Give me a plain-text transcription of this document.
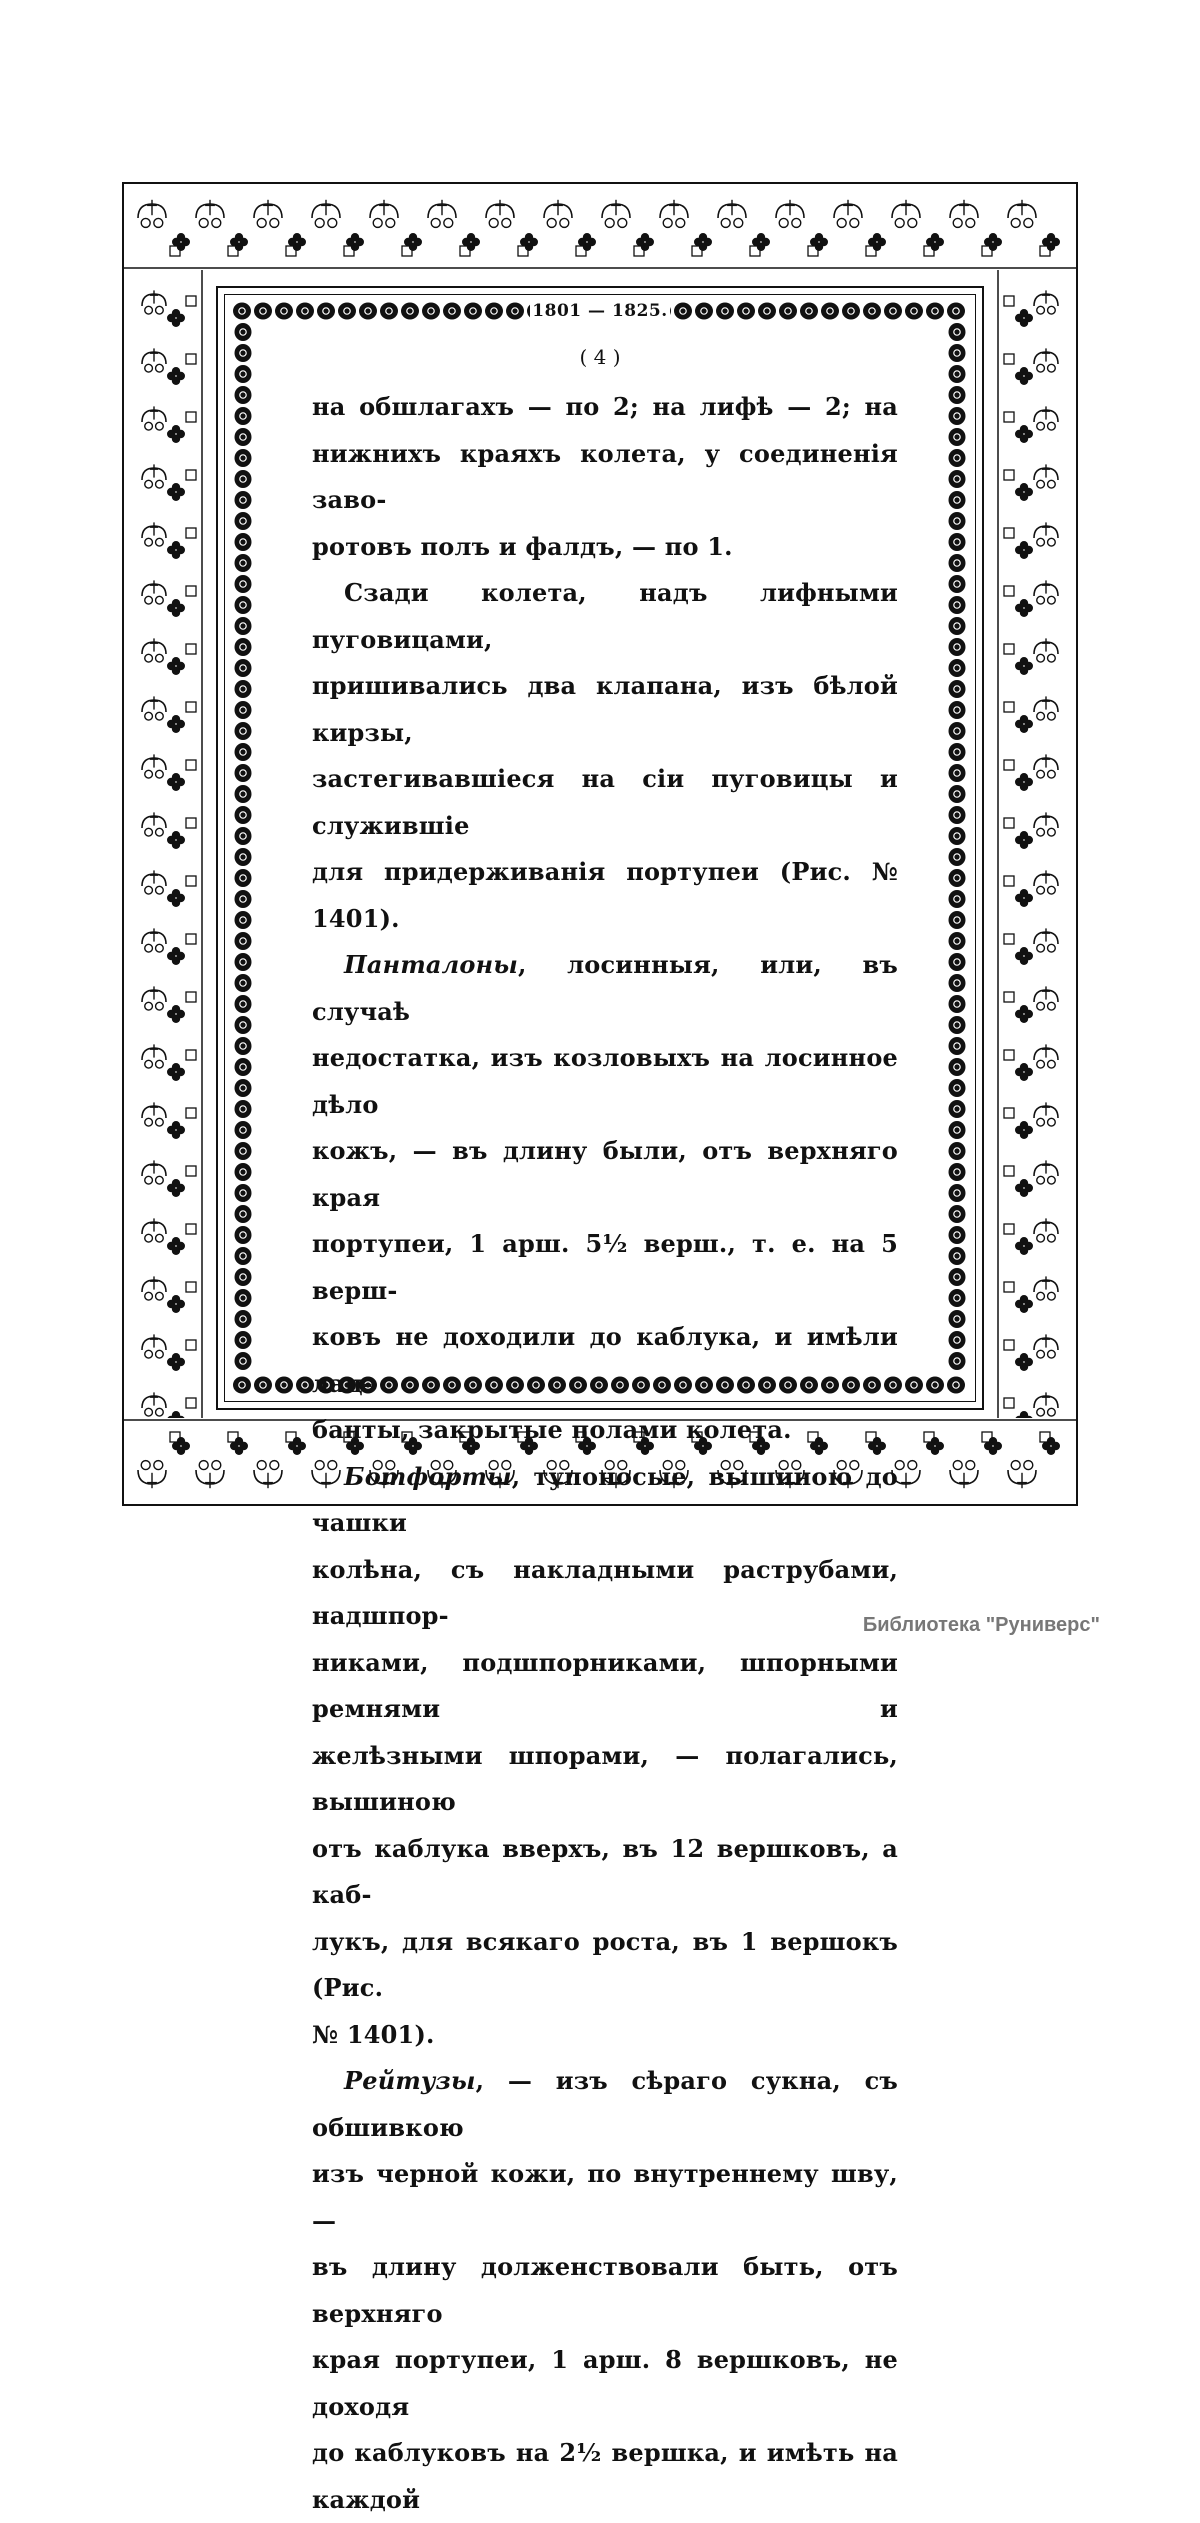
1801 — 1825.
( 4 )

на обшлагахъ — по 2; на лифѣ — 2; на
нижнихъ краяхъ колета, у соединенія заво-
ротовъ полъ и фалдъ, — по 1.

Сзади колета, надъ лифными пуговицами,
пришивались два клапана, изъ бѣлой кирзы,
застегивавшіеся на сіи пуговицы и служившіе
для придерживанія портупеи (Рис. № 1401).

Панталоны, лосинныя, или, въ случаѣ
недостатка, изъ козловыхъ на лосинное дѣло
кожъ, — въ длину были, отъ верхняго края
портупеи, 1 арш. 5½ верш., т. е. на 5 верш-
ковъ не доходили до каблука, и имѣли лац-
банты, закрытые полами колета.

Ботфорты, тупоносые, вышиною до чашки
колѣна, съ накладными раструбами, надшпор-
никами, подшпорниками, шпорными ремнями и
желѣзными шпорами, — полагались, вышиною
отъ каблука вверхъ, въ 12 вершковъ, а каб-
лукъ, для всякаго роста, въ 1 вершокъ (Рис.
№ 1401).

Рейтузы, — изъ сѣраго сукна, съ обшивкою
изъ черной кожи, по внутреннему шву, —
въ длину долженствовали быть, отъ верхняго
края портупеи, 1 арш. 8 вершковъ, не доходя
до каблуковъ на 2½ вершка, и имѣть на каждой

Библиотека "Руниверс"
